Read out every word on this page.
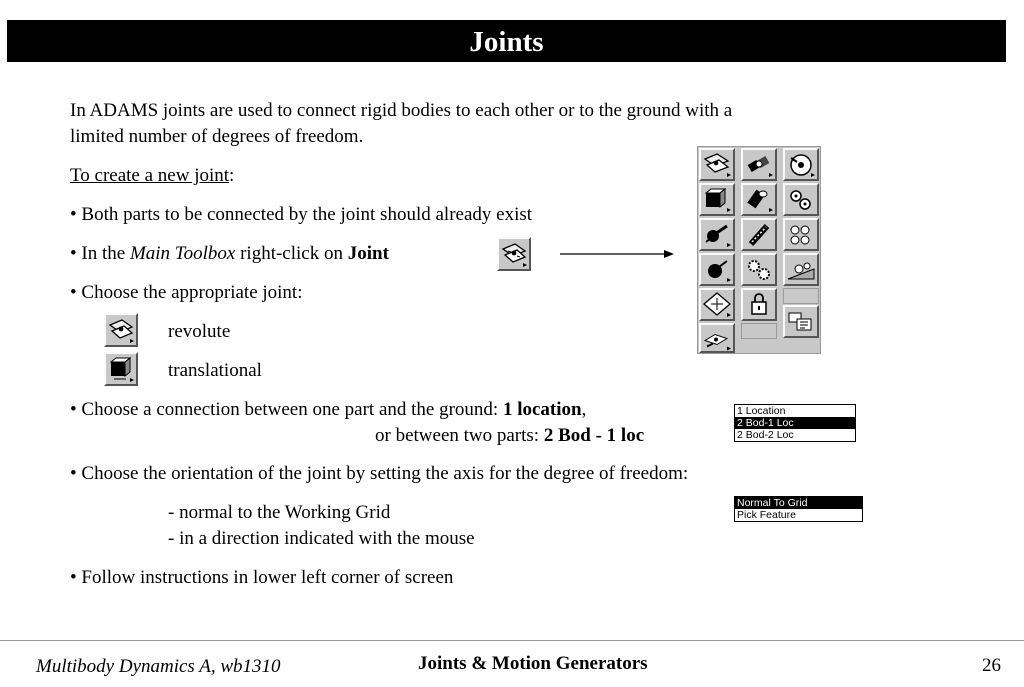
Joints
In ADAMS joints are used to connect rigid bodies to each other or to the ground with a
limited number of degrees of freedom.
To create a new joint:
• Both parts to be connected by the joint should already exist
• In the Main Toolbox right-click on Joint
• Choose the appropriate joint:
revolute
translational
• Choose a connection between one part and the ground: 1 location,
or between two parts: 2 Bod - 1 loc
1 Location
2 Bod-1 Loc
2 Bod-2 Loc
• Choose the orientation of the joint by setting the axis for the degree of freedom:
- normal to the Working Grid
- in a direction indicated with the mouse
Normal To Grid
Pick Feature
• Follow instructions in lower left corner of screen
Multibody Dynamics A, wb1310	Joints & Motion Generators	26
